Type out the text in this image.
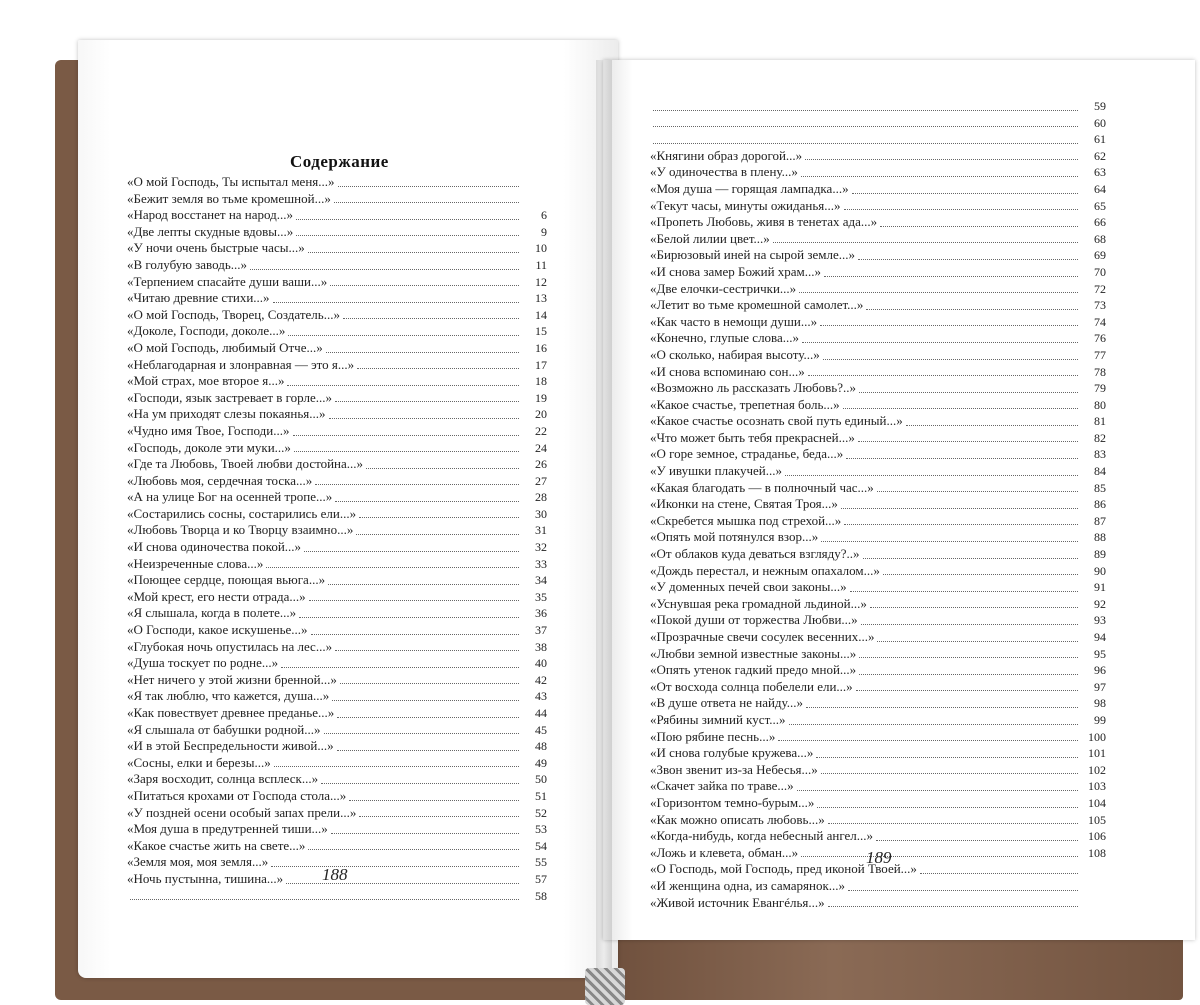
Содержание
«О мой Господь, Ты испытал меня...»
«Бежит земля во тьме кромешной...»
«Народ восстанет на народ...»	6
«Две лепты скудные вдовы...»	9
«У ночи очень быстрые часы...»	10
«В голубую заводь...»	11
«Терпением спасайте души ваши...»	12
«Читаю древние стихи...»	13
«О мой Господь, Творец, Создатель...»	14
«Доколе, Господи, доколе...»	15
«О мой Господь, любимый Отче...»	16
«Неблагодарная и злонравная — это я...»	17
«Мой страх, мое второе я...»	18
«Господи, язык застревает в горле...»	19
«На ум приходят слезы покаянья...»	20
«Чудно имя Твое, Господи...»	22
«Господь, доколе эти муки...»	24
«Где та Любовь, Твоей любви достойна...»	26
«Любовь моя, сердечная тоска...»	27
«А на улице Бог на осенней тропе...»	28
«Состарились сосны, состарились ели...»	30
«Любовь Творца и ко Творцу взаимно...»	31
«И снова одиночества покой...»	32
«Неизреченные слова...»	33
«Поющее сердце, поющая вьюга...»	34
«Мой крест, его нести отрада...»	35
«Я слышала, когда в полете...»	36
«О Господи, какое искушенье...»	37
«Глубокая ночь опустилась на лес...»	38
«Душа тоскует по родне...»	40
«Нет ничего у этой жизни бренной...»	42
«Я так люблю, что кажется, душа...»	43
«Как повествует древнее преданье...»	44
«Я слышала от бабушки родной...»	45
«И в этой Беспредельности живой...»	48
«Сосны, елки и березы...»	49
«Заря восходит, солнца всплеск...»	50
«Питаться крохами от Господа стола...»	51
«У поздней осени особый запах прели...»	52
«Моя душа в предутренней тиши...»	53
«Какое счастье жить на свете...»	54
«Земля моя, моя земля...»	55
«Ночь пустынна, тишина...»	57
58
59
60
61
«Княгини образ дорогой...»	62
«У одиночества в плену...»	63
«Моя душа — горящая лампадка...»	64
«Текут часы, минуты ожиданья...»	65
«Пропеть Любовь, живя в тенетах ада...»	66
«Белой лилии цвет...»	68
«Бирюзовый иней на сырой земле...»	69
«И снова замер Божий храм...»	70
«Две елочки-сестрички...»	72
«Летит во тьме кромешной самолет...»	73
«Как часто в немощи души...»	74
«Конечно, глупые слова...»	76
«О сколько, набирая высоту...»	77
«И снова вспоминаю сон...»	78
«Возможно ль рассказать Любовь?..»	79
«Какое счастье, трепетная боль...»	80
«Какое счастье осознать свой путь единый...»	81
«Что может быть тебя прекрасней...»	82
«О горе земное, страданье, беда...»	83
«У ивушки плакучей...»	84
«Какая благодать — в полночный час...»	85
«Иконки на стене, Святая Троя...»	86
«Скребется мышка под стрехой...»	87
«Опять мой потянулся взор...»	88
«От облаков куда деваться взгляду?..»	89
«Дождь перестал, и нежным опахалом...»	90
«У доменных печей свои законы...»	91
«Уснувшая река громадной льдиной...»	92
«Покой души от торжества Любви...»	93
«Прозрачные свечи сосулек весенних...»	94
«Любви земной известные законы...»	95
«Опять утенок гадкий предо мной...»	96
«От восхода солнца побелели ели...»	97
«В душе ответа не найду...»	98
«Рябины зимний куст...»	99
«Пою рябине песнь...»	100
«И снова голубые кружева...»	101
«Звон звенит из-за Небесья...»	102
«Скачет зайка по траве...»	103
«Горизонтом темно-бурым...»	104
«Как можно описать любовь...»	105
«Когда-нибудь, когда небесный ангел...»	106
«Ложь и клевета, обман...»	108
«О Господь, мой Господь, пред иконой Твоей...»
«И женщина одна, из самарянок...»
«Живой источник Евангéлья...»
188
189
